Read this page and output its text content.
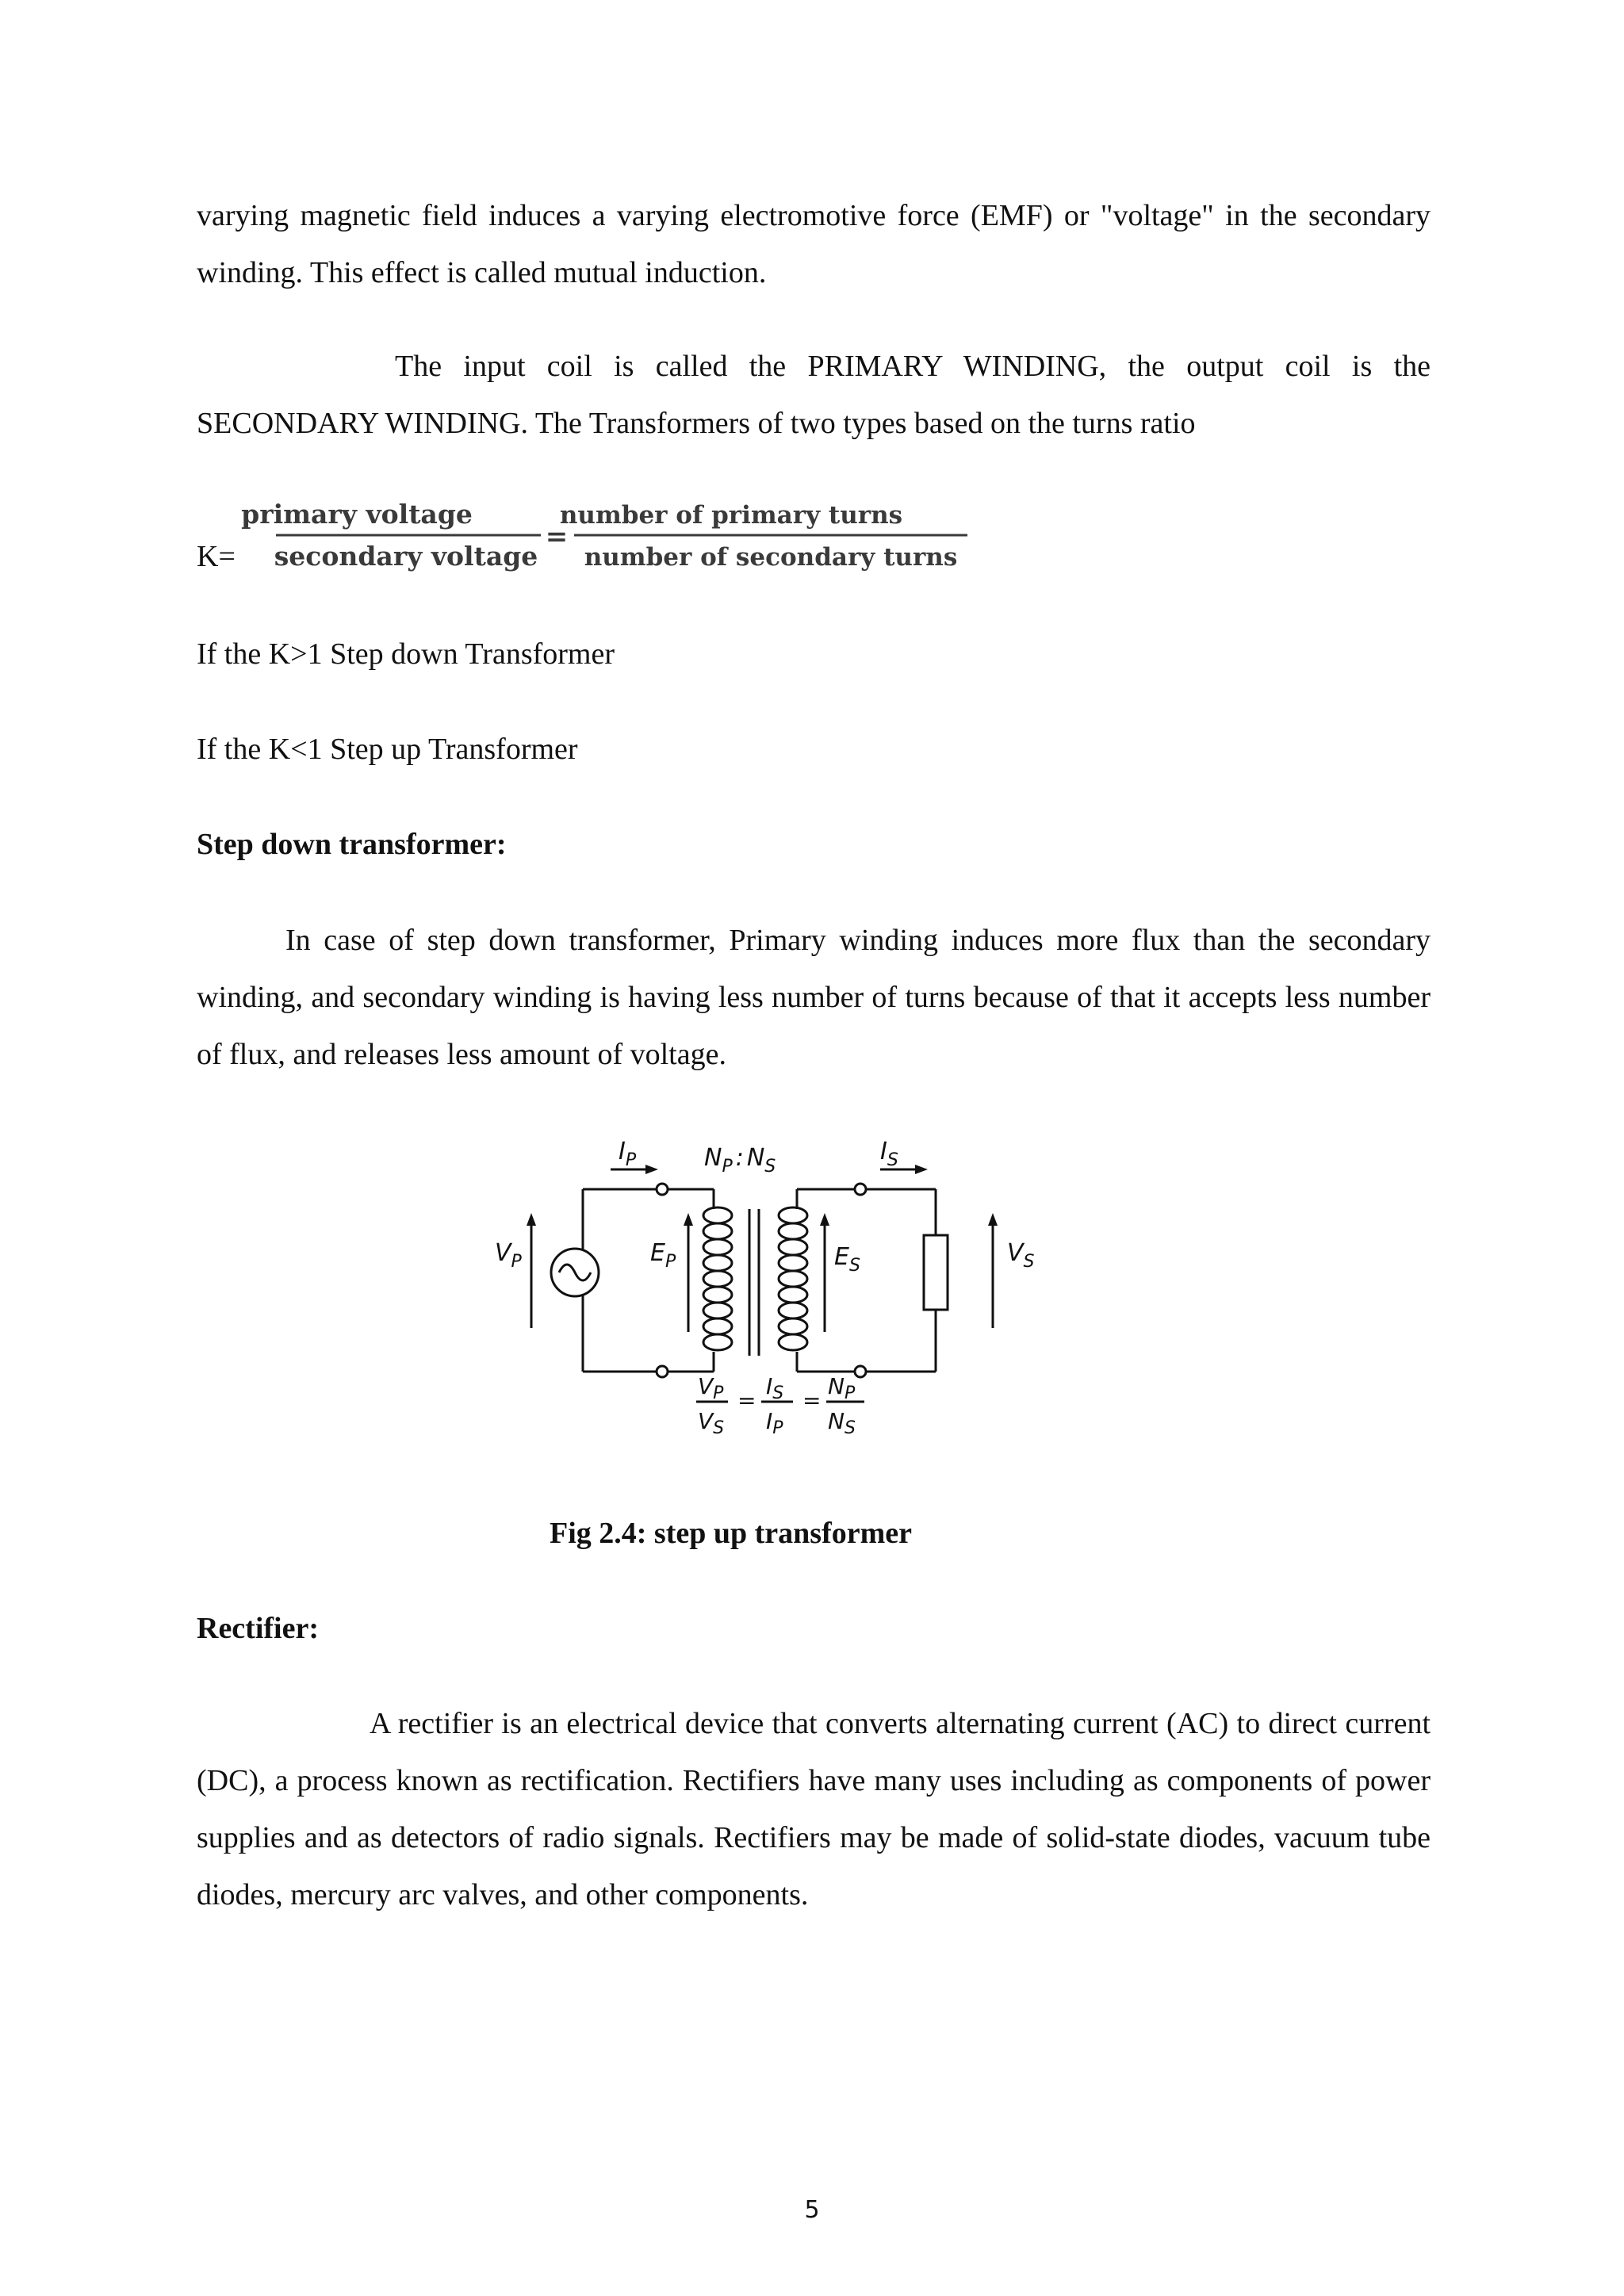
varying magnetic field induces a varying electromotive force (EMF) or "voltage" in the secondary winding. This effect is called mutual induction.

The input coil is called the PRIMARY WINDING, the output coil is the SECONDARY WINDING. The Transformers of two types based on the turns ratio

K=
primary voltage
secondary voltage
=
number of primary turns
number of secondary turns

If the K>1 Step down Transformer

If the K<1 Step up Transformer

Step down transformer:

In case of step down transformer, Primary winding induces more flux than the secondary winding, and secondary winding is having less number of turns because of that it accepts less number of flux, and releases less amount of voltage.

$I_P$	$I_S$
$N_P$ : $N_S$
$V_P$	$E_P$	$E_S$	$V_S$
$V_P$
$V_S$
=
$I_S$
$I_P$
=
$N_P$
$N_S$

Fig 2.4: step up transformer

Rectifier:

A rectifier is an electrical device that converts alternating current (AC) to direct current (DC), a process known as rectification. Rectifiers have many uses including as components of power supplies and as detectors of radio signals. Rectifiers may be made of solid-state diodes, vacuum tube diodes, mercury arc valves, and other components.

5
